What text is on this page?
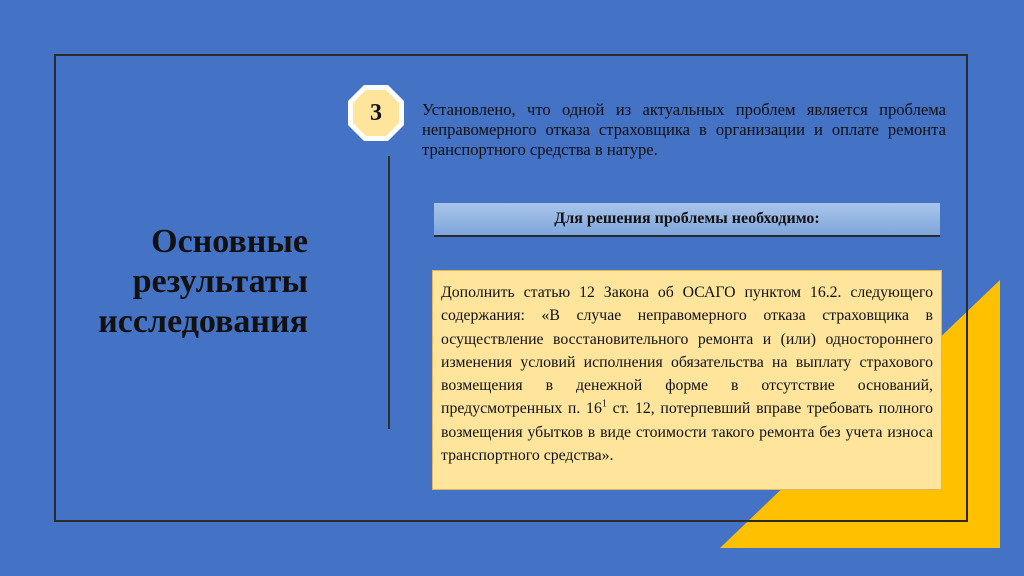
Основные
результаты
исследования
3	Установлено, что одной из актуальных проблем является проблема неправомерного отказа страховщика в организации и оплате ремонта транспортного средства в натуре.
Для решения проблемы необходимо:
Дополнить статью 12 Закона об ОСАГО пунктом 16.2. следующего содержания: «В случае неправомерного отказа страховщика в осуществление восстановительного ремонта и (или) одностороннего изменения условий исполнения обязательства на выплату страхового возмещения в денежной форме в отсутствие оснований, предусмотренных п. $16^1$ ст. 12, потерпевший вправе требовать полного возмещения убытков в виде стоимости такого ремонта без учета износа транспортного средства».
